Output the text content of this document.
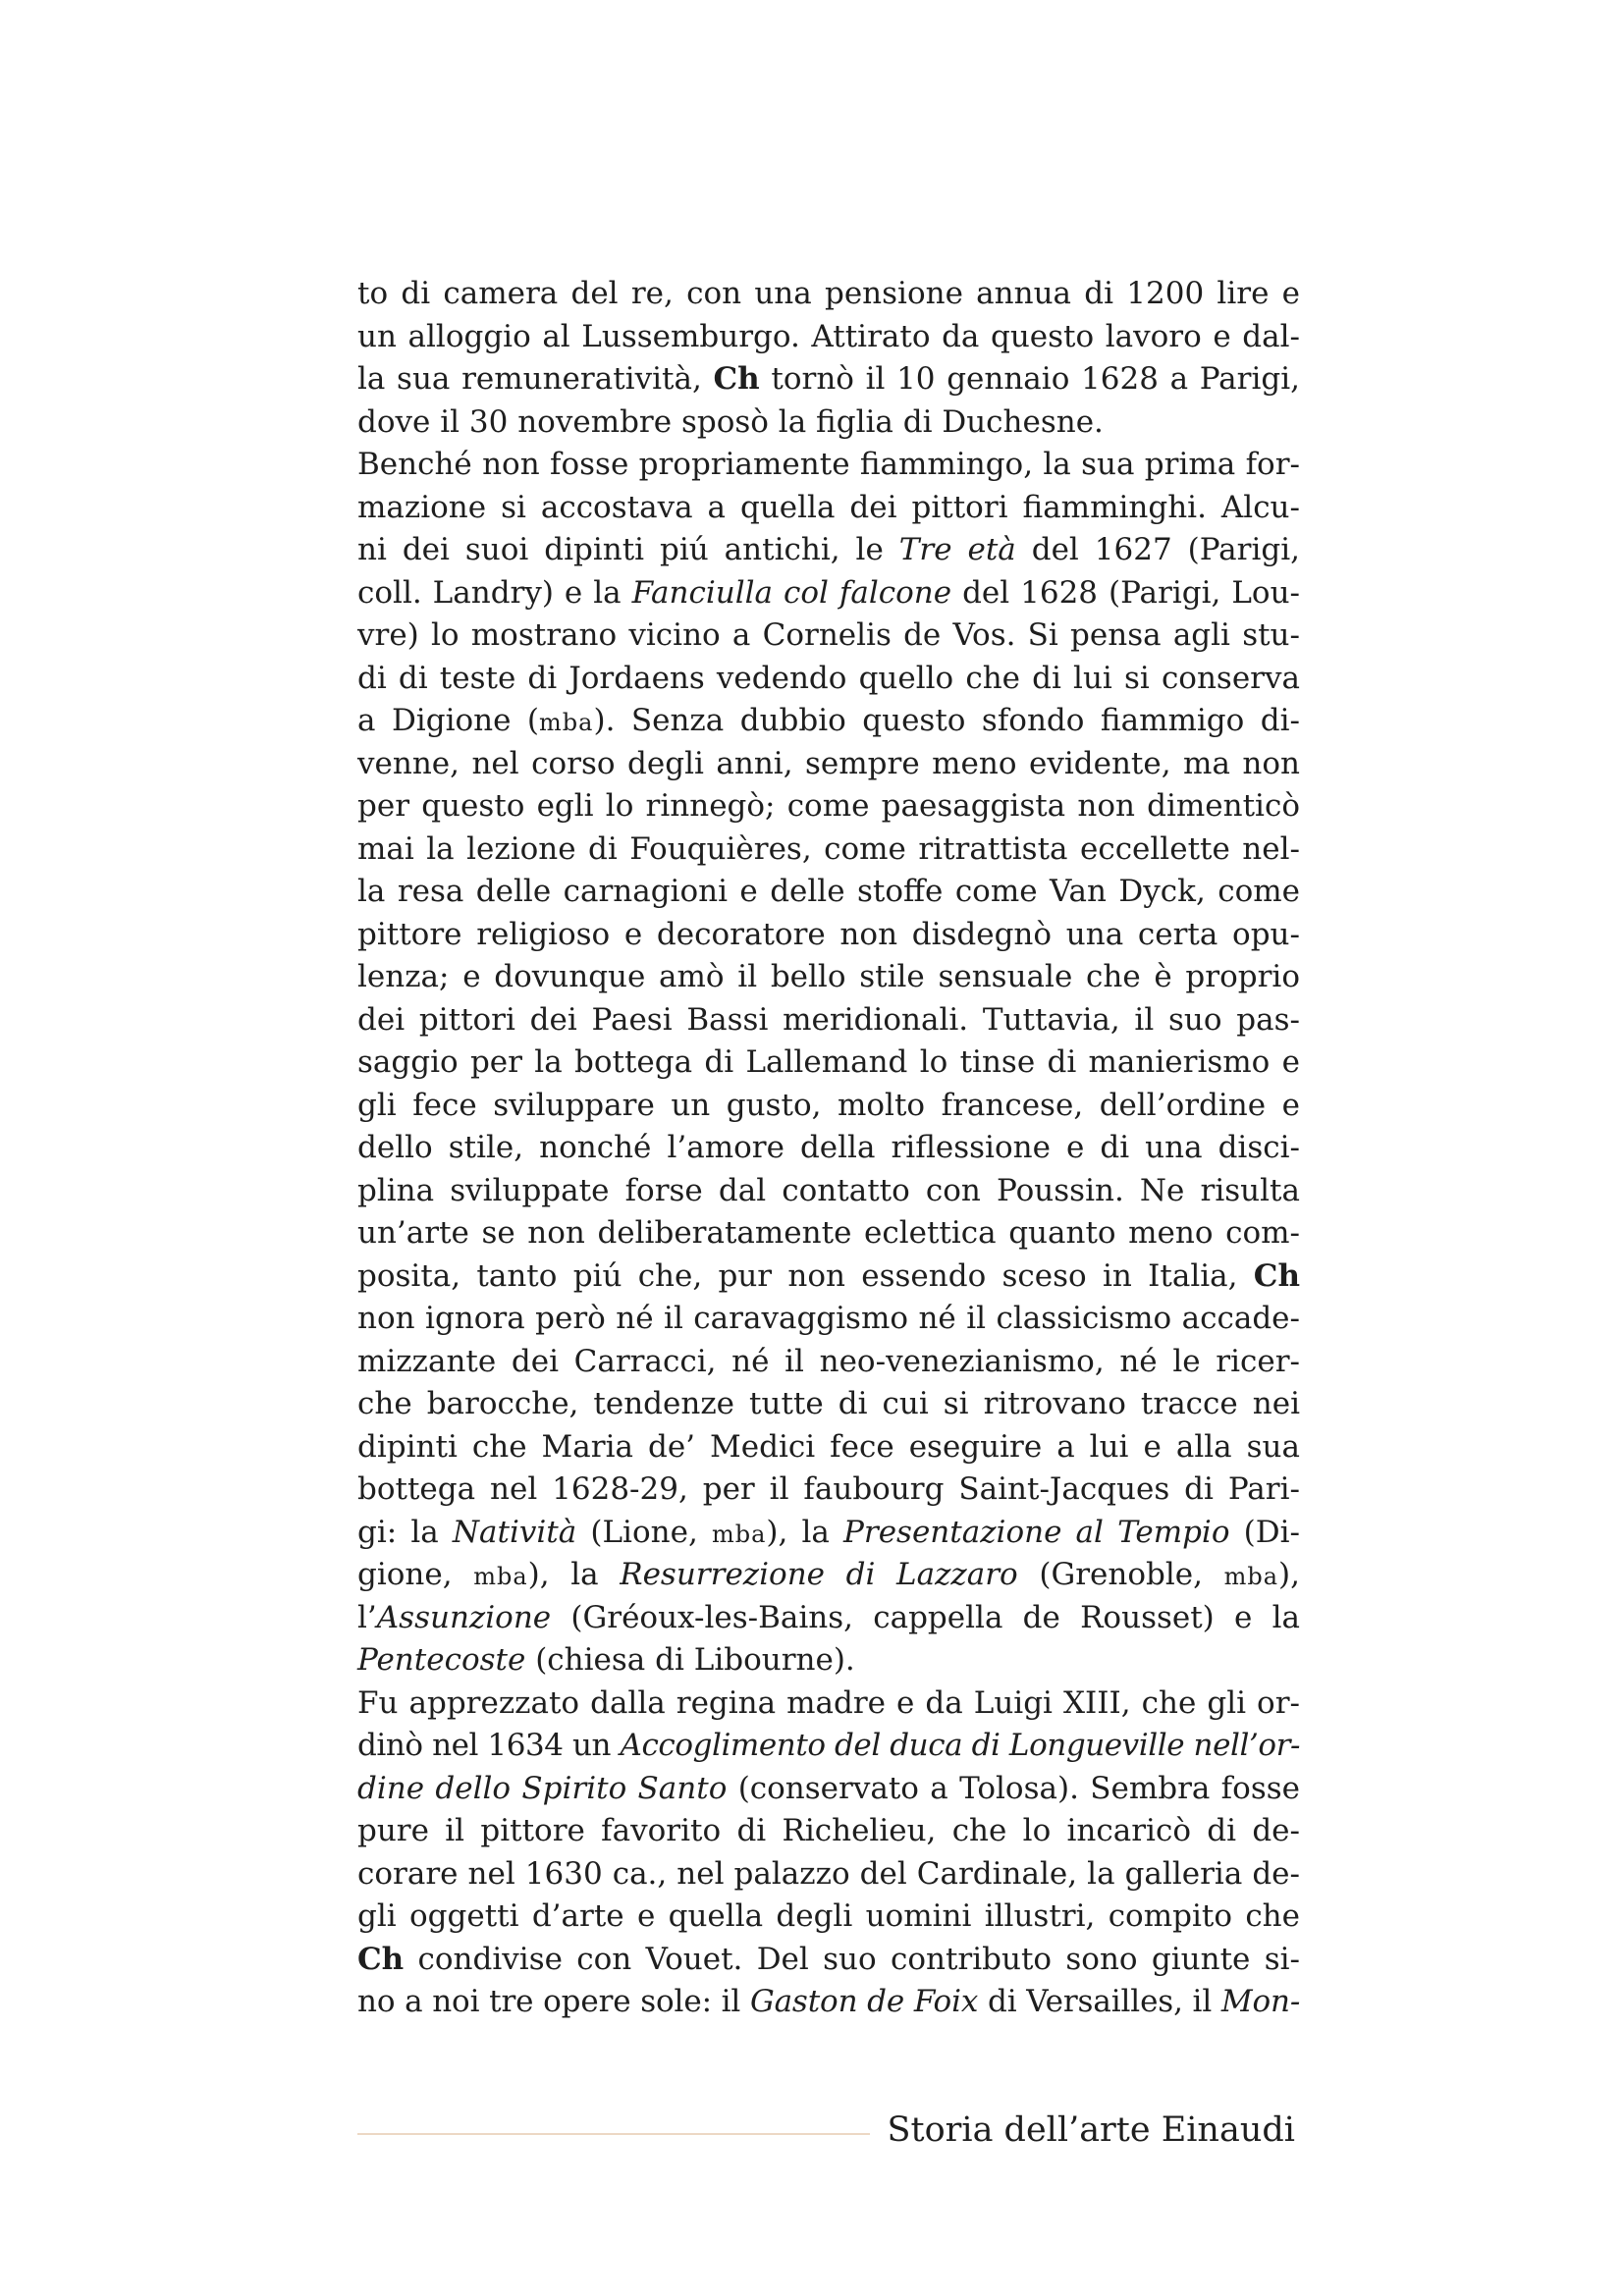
to di camera del re, con una pensione annua di 1200 lire e
un alloggio al Lussemburgo. Attirato da questo lavoro e dal-
la sua remuneratività, Ch tornò il 10 gennaio 1628 a Parigi,
dove il 30 novembre sposò la figlia di Duchesne.
Benché non fosse propriamente fiammingo, la sua prima for-
mazione si accostava a quella dei pittori fiamminghi. Alcu-
ni dei suoi dipinti piú antichi, le Tre età del 1627 (Parigi,
coll. Landry) e la Fanciulla col falcone del 1628 (Parigi, Lou-
vre) lo mostrano vicino a Cornelis de Vos. Si pensa agli stu-
di di teste di Jordaens vedendo quello che di lui si conserva
a Digione (mba). Senza dubbio questo sfondo fiammigo di-
venne, nel corso degli anni, sempre meno evidente, ma non
per questo egli lo rinnegò; come paesaggista non dimenticò
mai la lezione di Fouquières, come ritrattista eccellette nel-
la resa delle carnagioni e delle stoffe come Van Dyck, come
pittore religioso e decoratore non disdegnò una certa opu-
lenza; e dovunque amò il bello stile sensuale che è proprio
dei pittori dei Paesi Bassi meridionali. Tuttavia, il suo pas-
saggio per la bottega di Lallemand lo tinse di manierismo e
gli fece sviluppare un gusto, molto francese, dell’ordine e
dello stile, nonché l’amore della riflessione e di una disci-
plina sviluppate forse dal contatto con Poussin. Ne risulta
un’arte se non deliberatamente eclettica quanto meno com-
posita, tanto piú che, pur non essendo sceso in Italia, Ch
non ignora però né il caravaggismo né il classicismo accade-
mizzante dei Carracci, né il neo-venezianismo, né le ricer-
che barocche, tendenze tutte di cui si ritrovano tracce nei
dipinti che Maria de’ Medici fece eseguire a lui e alla sua
bottega nel 1628-29, per il faubourg Saint-Jacques di Pari-
gi: la Natività (Lione, mba), la Presentazione al Tempio (Di-
gione, mba), la Resurrezione di Lazzaro (Grenoble, mba),
l’Assunzione (Gréoux-les-Bains, cappella de Rousset) e la
Pentecoste (chiesa di Libourne).
Fu apprezzato dalla regina madre e da Luigi XIII, che gli or-
dinò nel 1634 un Accoglimento del duca di Longueville nell’or-
dine dello Spirito Santo (conservato a Tolosa). Sembra fosse
pure il pittore favorito di Richelieu, che lo incaricò di de-
corare nel 1630 ca., nel palazzo del Cardinale, la galleria de-
gli oggetti d’arte e quella degli uomini illustri, compito che
Ch condivise con Vouet. Del suo contributo sono giunte si-
no a noi tre opere sole: il Gaston de Foix di Versailles, il Mon-
Storia dell’arte Einaudi
